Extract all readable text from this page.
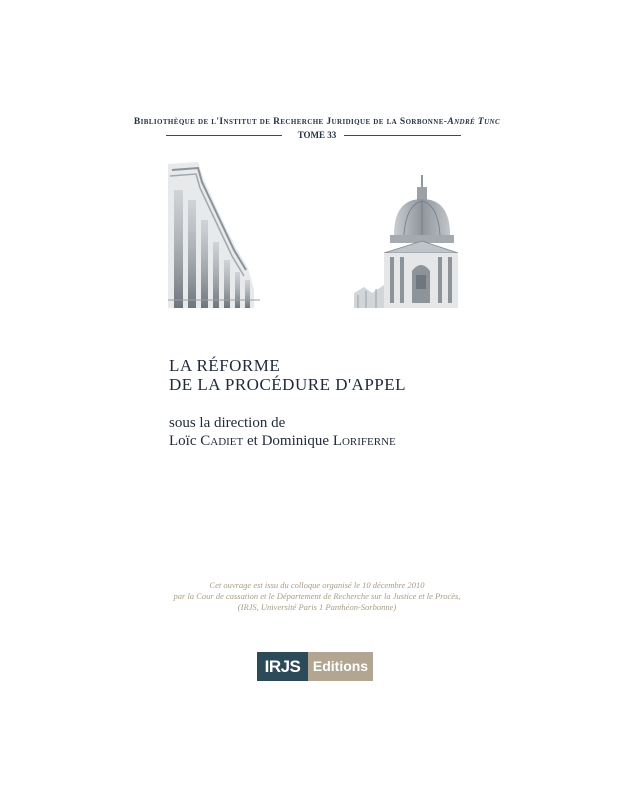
Bibliothèque de l'Institut de Recherche Juridique de la Sorbonne-André Tunc
TOME 33
LA RÉFORME
DE LA PROCÉDURE D'APPEL
sous la direction de
Loïc Cadiet et Dominique Loriferne
Cet ouvrage est issu du colloque organisé le 10 décembre 2010
par la Cour de cassation et le Département de Recherche sur la Justice et le Procès,
(IRJS, Université Paris 1 Panthéon-Sorbonne)
IRJS Editions
